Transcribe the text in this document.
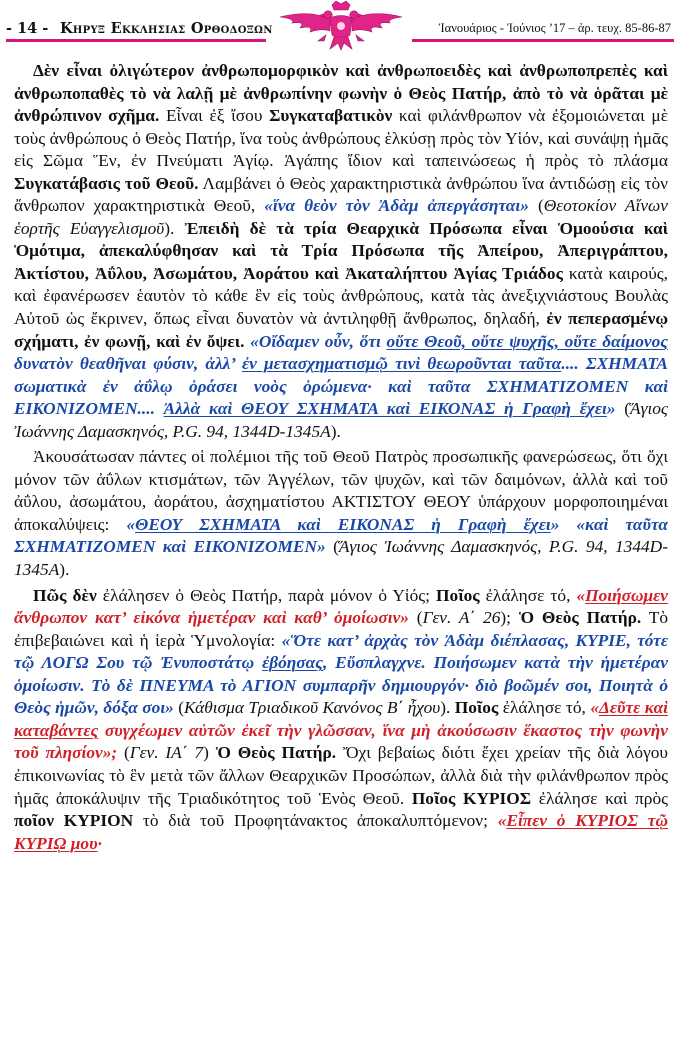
- 14 - Κηρυξ Εκκλησιας Ορθοδοξων	Ἰανουάριος - Ἰούνιος ’17 – ἀρ. τευχ. 85-86-87

Δὲν εἶναι ὀλιγώτερον ἀνθρωπομορφικὸν καὶ ἀνθρωποειδὲς καὶ ἀνθρωποπρεπὲς καὶ ἀνθρωποπαθὲς τὸ νὰ λαλῇ μὲ ἀνθρωπίνην φωνὴν ὁ Θεὸς Πατήρ, ἀπὸ τὸ νὰ ὁρᾶται μὲ ἀνθρώπινον σχῆμα. Εἶναι ἐξ ἴσου Συγκαταβατικὸν καὶ φιλάνθρωπον νὰ ἐξομοιώνεται μὲ τοὺς ἀνθρώπους ὁ Θεὸς Πατήρ, ἵνα τοὺς ἀνθρώπους ἑλκύσῃ πρὸς τὸν Υἱόν, καὶ συνάψῃ ἡμᾶς εἰς Σῶμα Ἕν, ἐν Πνεύματι Ἁγίῳ. Ἀγάπης ἴδιον καὶ ταπεινώσεως ἡ πρὸς τὸ πλάσμα Συγκατάβασις τοῦ Θεοῦ. Λαμβάνει ὁ Θεὸς χαρακτηριστικὰ ἀνθρώπου ἵνα ἀντιδώσῃ εἰς τὸν ἄνθρωπον χαρακτηριστικὰ Θεοῦ, «ἵνα θεὸν τὸν Ἀδὰμ ἀπεργάσηται» (Θεοτοκίον Αἴνων ἑορτῆς Εὐαγγελισμοῦ). Ἐπειδὴ δὲ τὰ τρία Θεαρχικὰ Πρόσωπα εἶναι Ὁμοούσια καὶ Ὁμότιμα, ἀπεκαλύφθησαν καὶ τὰ Τρία Πρόσωπα τῆς Ἀπείρου, Ἀπεριγράπτου, Ἀκτίστου, Ἀΰλου, Ἀσωμάτου, Ἀοράτου καὶ Ἀκαταλήπτου Ἁγίας Τριάδος κατὰ καιρούς, καὶ ἐφανέρωσεν ἑαυτὸν τὸ κάθε ἓν εἰς τοὺς ἀνθρώπους, κατὰ τὰς ἀνεξιχνιάστους Βουλὰς Αὐτοῦ ὡς ἔκρινεν, ὅπως εἶναι δυνατὸν νὰ ἀντιληφθῇ ἄνθρωπος, δηλαδή, ἐν πεπερασμένῳ σχήματι, ἐν φωνῇ, καὶ ἐν ὄψει. «Οἴδαμεν οὖν, ὅτι οὔτε Θεοῦ, οὔτε ψυχῆς, οὔτε δαίμονος δυνατὸν θεαθῆναι φύσιν, ἀλλ’ ἐν μετασχηματισμῷ τινὶ θεωροῦνται ταῦτα.... ΣΧΗΜΑΤΑ σωματικὰ ἐν ἀΰλῳ ὁράσει νοὸς ὁρώμενα· καὶ ταῦτα ΣΧΗΜΑΤΙΖΟΜΕΝ καὶ ΕΙΚΟΝΙΖΟΜΕΝ.... Ἀλλὰ καὶ ΘΕΟΥ ΣΧΗΜΑΤΑ καὶ ΕΙΚΟΝΑΣ ἡ Γραφὴ ἔχει» (Ἅγιος Ἰωάννης Δαμασκηνός, P.G. 94, 1344D-1345A).

Ἀκουσάτωσαν πάντες οἱ πολέμιοι τῆς τοῦ Θεοῦ Πατρὸς προσωπικῆς φανερώσεως, ὅτι ὄχι μόνον τῶν ἀΰλων κτισμάτων, τῶν Ἀγγέλων, τῶν ψυχῶν, καὶ τῶν δαιμόνων, ἀλλὰ καὶ τοῦ ἀΰλου, ἀσωμάτου, ἀοράτου, ἀσχηματίστου ΑΚΤΙΣΤΟΥ ΘΕΟΥ ὑπάρχουν μορφοποιημέναι ἀποκαλύψεις: «ΘΕΟΥ ΣΧΗΜΑΤΑ καὶ ΕΙΚΟΝΑΣ ἡ Γραφὴ ἔχει» «καὶ ταῦτα ΣΧΗΜΑΤΙΖΟΜΕΝ καὶ ΕΙΚΟΝΙΖΟΜΕΝ» (Ἅγιος Ἰωάννης Δαμασκηνός, P.G. 94, 1344D-1345A).

Πῶς δὲν ἐλάλησεν ὁ Θεὸς Πατήρ, παρὰ μόνον ὁ Υἱός; Ποῖος ἐλάλησε τό, «Ποιήσωμεν ἄνθρωπον κατ’ εἰκόνα ἡμετέραν καὶ καθ’ ὁμοίωσιν» (Γεν. Α΄ 26); Ὁ Θεὸς Πατήρ. Τὸ ἐπιβεβαιώνει καὶ ἡ ἱερὰ Ὑμνολογία: «Ὅτε κατ’ ἀρχὰς τὸν Ἀδὰμ διέπλασας, ΚΥΡΙΕ, τότε τῷ ΛΟΓΩ Σου τῷ Ἐνυποστάτῳ ἐβόησας, Εὔσπλαγχνε. Ποιήσωμεν κατὰ τὴν ἡμετέραν ὁμοίωσιν. Τὸ δὲ ΠΝΕΥΜΑ τὸ ΑΓΙΟΝ συμπαρῆν δημιουργόν· διὸ βοῶμέν σοι, Ποιητὰ ὁ Θεὸς ἡμῶν, δόξα σοι» (Κάθισμα Τριαδικοῦ Κανόνος Β΄ ἦχου). Ποῖος ἐλάλησε τό, «Δεῦτε καὶ καταβάντες συγχέωμεν αὐτῶν ἐκεῖ τὴν γλῶσσαν, ἵνα μὴ ἀκούσωσιν ἕκαστος τὴν φωνὴν τοῦ πλησίον»; (Γεν. ΙΑ΄ 7) Ὁ Θεὸς Πατήρ. Ὄχι βεβαίως διότι ἔχει χρείαν τῆς διὰ λόγου ἐπικοινωνίας τὸ ἓν μετὰ τῶν ἄλλων Θεαρχικῶν Προσώπων, ἀλλὰ διὰ τὴν φιλάνθρωπον πρὸς ἡμᾶς ἀποκάλυψιν τῆς Τριαδικότητος τοῦ Ἑνὸς Θεοῦ. Ποῖος ΚΥΡΙΟΣ ἐλάλησε καὶ πρὸς ποῖον ΚΥΡΙΟΝ τὸ διὰ τοῦ Προφητάνακτος ἀποκαλυπτόμενον; «Εἶπεν ὁ ΚΥΡΙΟΣ τῷ ΚΥΡΙῼ μου·
